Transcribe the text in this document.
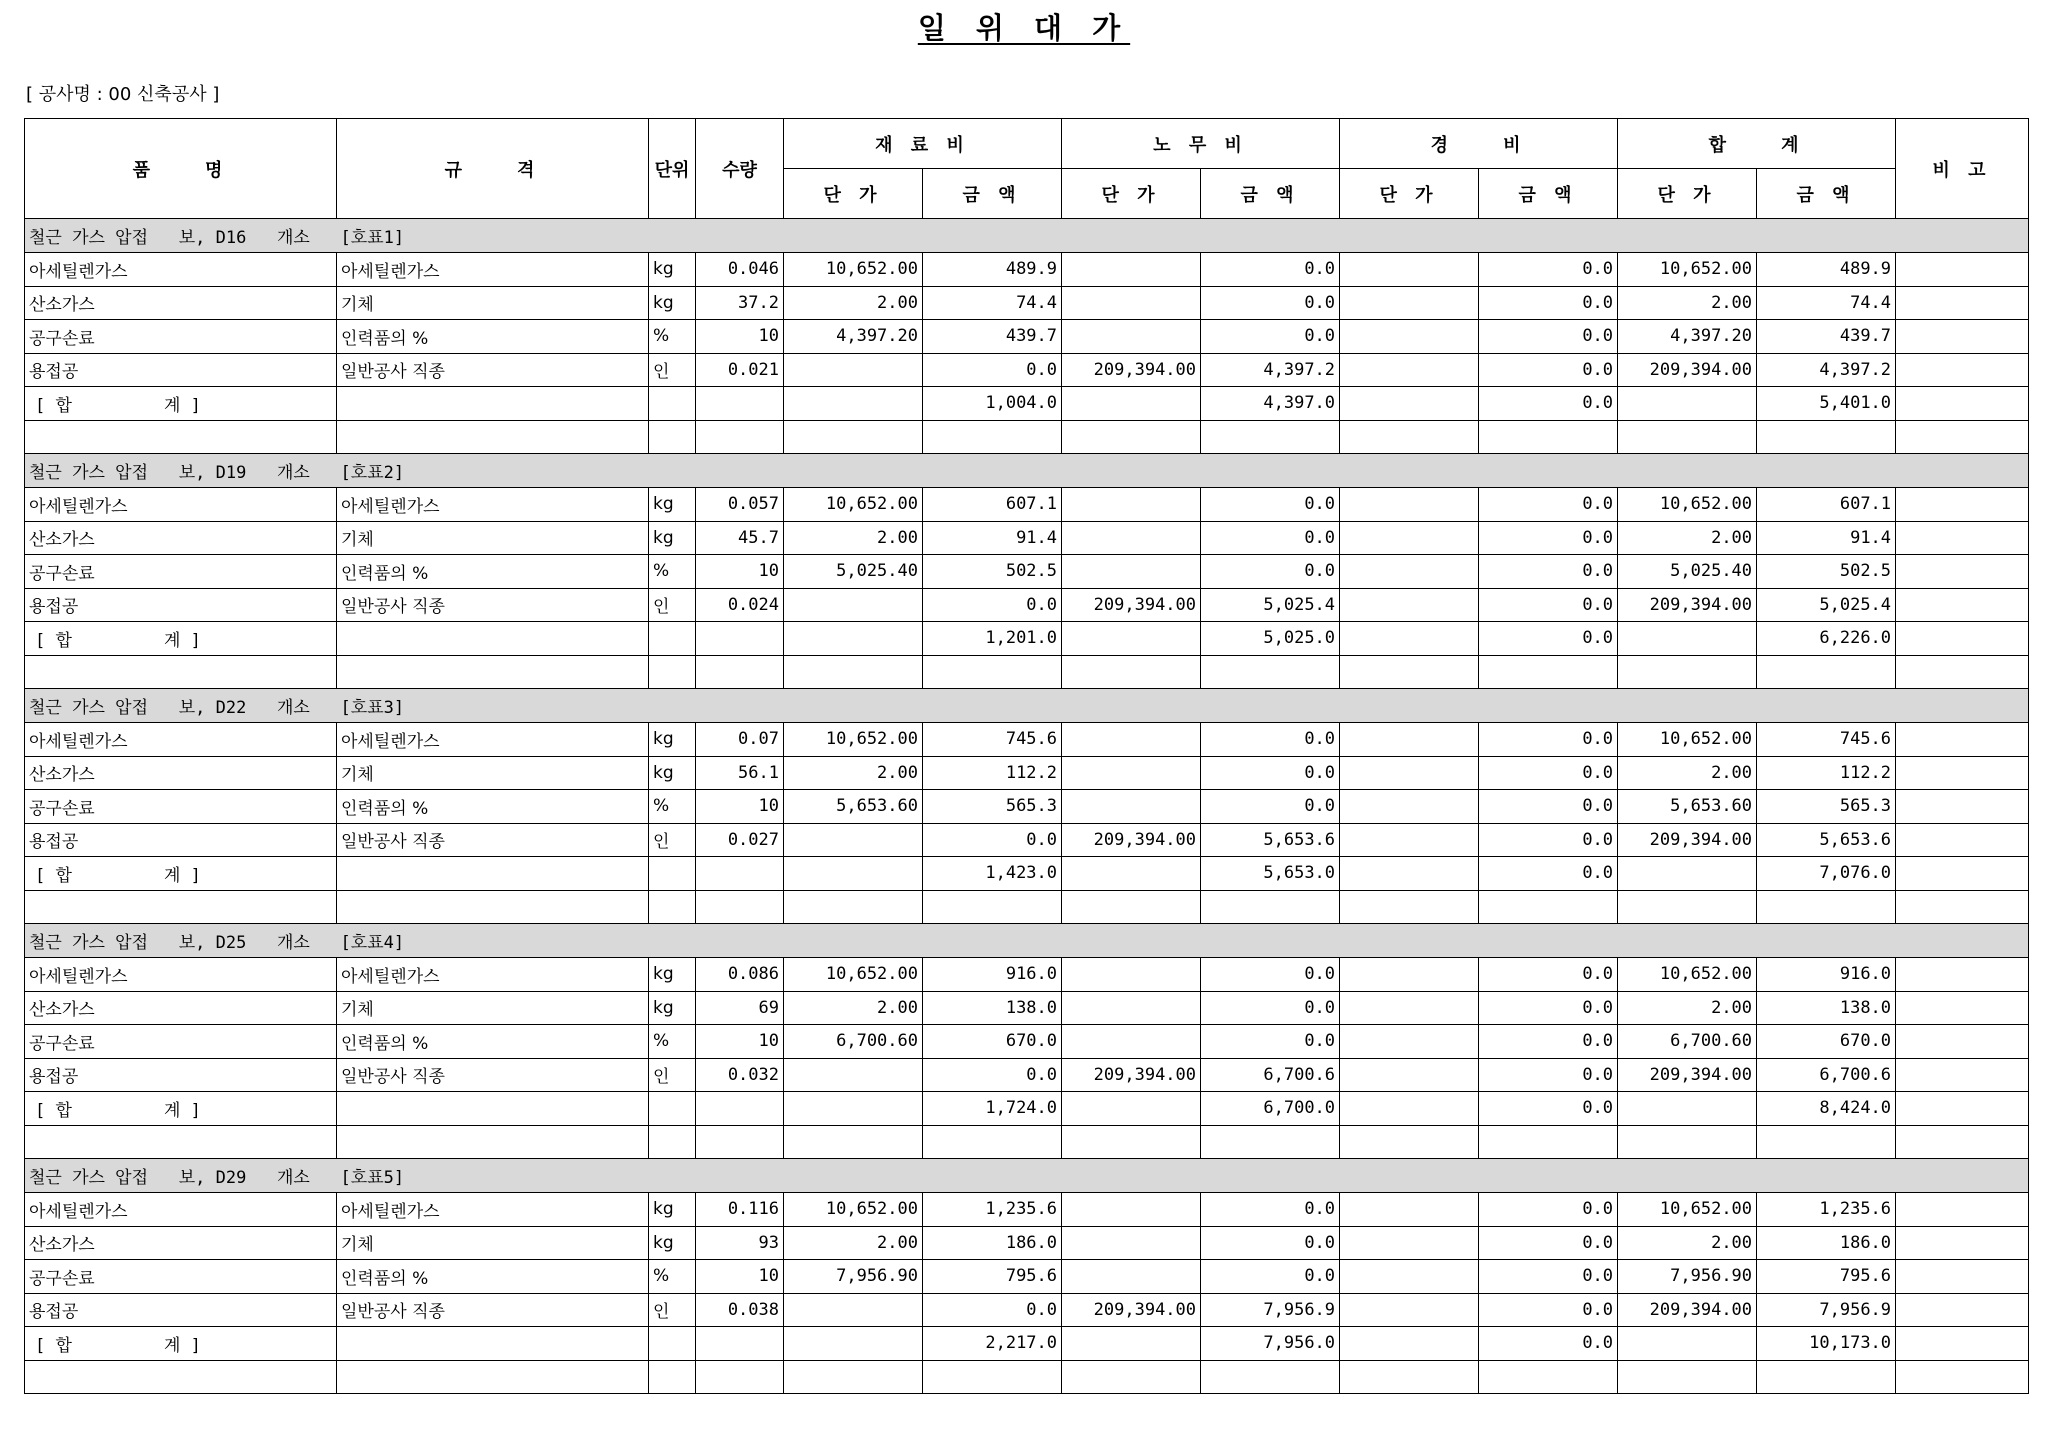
일 위 대 가
[ 공사명 : 00 신축공사 ]
품    명	규    격	단위	수량	재 료 비		노 무 비		경    비		합    계		비 고
				단 가	금 액	단 가	금 액	단 가	금 액	단 가	금 액	
철근 가스 압접   보, D16   개소   [호표1]												
아세틸렌가스	아세틸렌가스	kg	0.046	10,652.00	489.9		0.0		0.0	10,652.00	489.9	
산소가스	기체	kg	37.2	2.00	74.4		0.0		0.0	2.00	74.4	
공구손료	인력품의 %	%	10	4,397.20	439.7		0.0		0.0	4,397.20	439.7	
용접공	일반공사 직종	인	0.021		0.0	209,394.00	4,397.2		0.0	209,394.00	4,397.2	
[ 합         계 ]					1,004.0		4,397.0		0.0		5,401.0	

철근 가스 압접   보, D19   개소   [호표2]												
아세틸렌가스	아세틸렌가스	kg	0.057	10,652.00	607.1		0.0		0.0	10,652.00	607.1	
산소가스	기체	kg	45.7	2.00	91.4		0.0		0.0	2.00	91.4	
공구손료	인력품의 %	%	10	5,025.40	502.5		0.0		0.0	5,025.40	502.5	
용접공	일반공사 직종	인	0.024		0.0	209,394.00	5,025.4		0.0	209,394.00	5,025.4	
[ 합         계 ]					1,201.0		5,025.0		0.0		6,226.0	

철근 가스 압접   보, D22   개소   [호표3]												
아세틸렌가스	아세틸렌가스	kg	0.07	10,652.00	745.6		0.0		0.0	10,652.00	745.6	
산소가스	기체	kg	56.1	2.00	112.2		0.0		0.0	2.00	112.2	
공구손료	인력품의 %	%	10	5,653.60	565.3		0.0		0.0	5,653.60	565.3	
용접공	일반공사 직종	인	0.027		0.0	209,394.00	5,653.6		0.0	209,394.00	5,653.6	
[ 합         계 ]					1,423.0		5,653.0		0.0		7,076.0	

철근 가스 압접   보, D25   개소   [호표4]												
아세틸렌가스	아세틸렌가스	kg	0.086	10,652.00	916.0		0.0		0.0	10,652.00	916.0	
산소가스	기체	kg	69	2.00	138.0		0.0		0.0	2.00	138.0	
공구손료	인력품의 %	%	10	6,700.60	670.0		0.0		0.0	6,700.60	670.0	
용접공	일반공사 직종	인	0.032		0.0	209,394.00	6,700.6		0.0	209,394.00	6,700.6	
[ 합         계 ]					1,724.0		6,700.0		0.0		8,424.0	

철근 가스 압접   보, D29   개소   [호표5]												
아세틸렌가스	아세틸렌가스	kg	0.116	10,652.00	1,235.6		0.0		0.0	10,652.00	1,235.6	
산소가스	기체	kg	93	2.00	186.0		0.0		0.0	2.00	186.0	
공구손료	인력품의 %	%	10	7,956.90	795.6		0.0		0.0	7,956.90	795.6	
용접공	일반공사 직종	인	0.038		0.0	209,394.00	7,956.9		0.0	209,394.00	7,956.9	
[ 합         계 ]					2,217.0		7,956.0		0.0		10,173.0	
